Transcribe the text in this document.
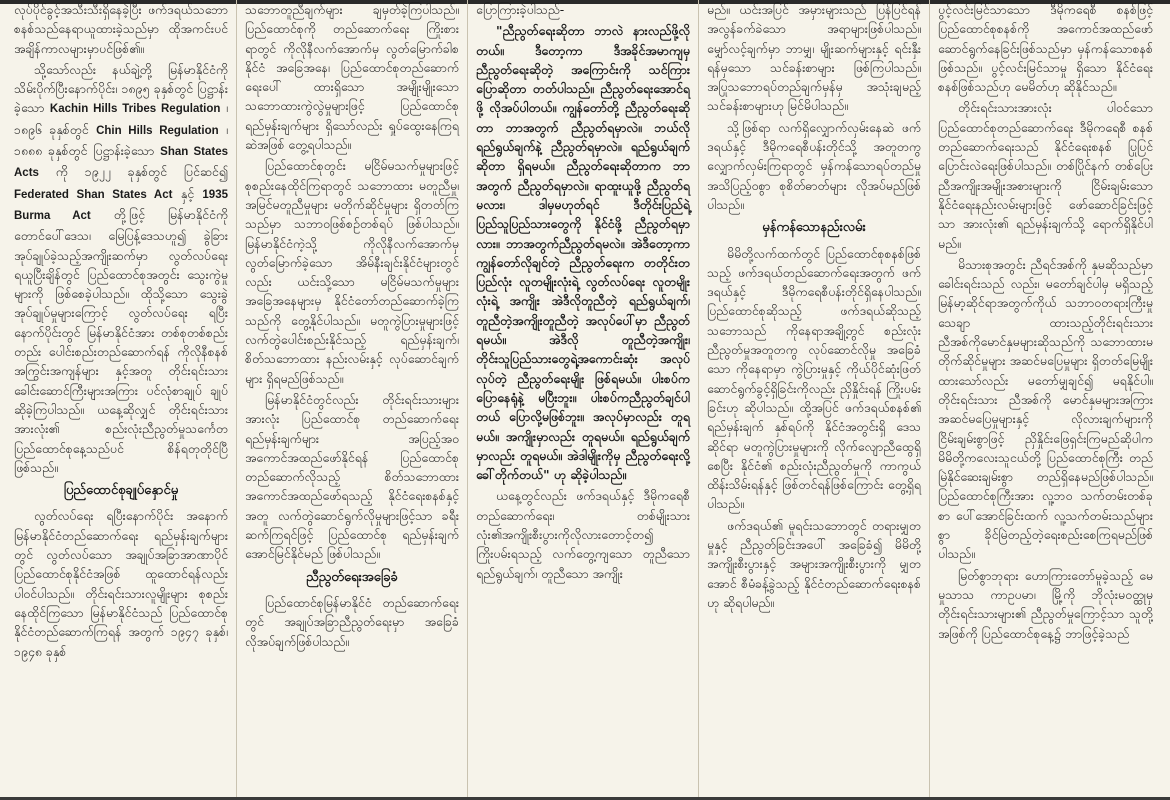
လုပ်ပိုင်ခွင့်အသီးသီးရှိနေခဲ့ပြီး ဖက်ဒရယ်သဘော စနစ်သည်နေရာယူထားခဲ့သည်မှာ ထိုအကင်းပင် အချိန်ကာလများမှာပင်ဖြစ်၏။

သို့သော်လည်း နယ်ချဲ့တို့ မြန်မာနိုင်ငံကို သိမ်းပိုက်ပြီးနောက်ပိုင်း၊ ၁၈၉၅ ခုနှစ်တွင် ပြဋ္ဌာန်းခဲ့သော Kachin Hills Tribes Regulation ၊ ၁၈၉၆ ခုနှစ်တွင် Chin Hills Regulation ၊ ၁၈၈၈ ခုနှစ်တွင် ပြဋ္ဌာန်းခဲ့သော Shan States Acts ကို ၁၉၂၂ ခုနှစ်တွင် ပြင်ဆင်၍ Federated Shan States Act နှင့် 1935 Burma Act တို့ဖြင့် မြန်မာနိုင်ငံကို တောင်ပေါ်ဒေသ၊ မြေပြန့်ဒေသဟူ၍ ခွဲခြားအုပ်ချုပ်ခဲ့သည့်အကျိုးဆက်မှာ လွတ်လပ်ရေး ရယူပြီးချိန်တွင် ပြည်ထောင်စုအတွင်း သွေးကွဲမှုများကို ဖြစ်စေခဲ့ပါသည်။ ထိုသို့သော သွေးခွဲ အုပ်ချုပ်မှုများကြောင့် လွတ်လပ်ရေး ရပြီးနောက်ပိုင်းတွင် မြန်မာနိုင်ငံအား တစ်စုတစ်စည်းတည်း ပေါင်းစည်းတည်ဆောက်ရန် ကိုလိုနီစနစ်အကြွင်းအကျန်များ နှင့်အတူ တိုင်းရင်းသားခေါင်းဆောင်ကြီးများအကြား ပင်လုံစာချုပ် ချုပ်ဆိုခဲ့ကြပါသည်။ ယနေ့ဆိုလျှင် တိုင်းရင်းသားအားလုံး၏ စည်းလုံးညီညွတ်မှုသင်္ကေတ ပြည်ထောင်စုနေ့သည်ပင် စိန်ရတုတိုင်ပြီ ဖြစ်သည်။

ပြည်ထောင်စုချုပ်နှောင်မှု

လွတ်လပ်ရေး ရပြီးနောက်ပိုင်း အနောက်မြန်မာနိုင်ငံတည်ဆောက်ရေး ရည်မှန်းချက်များတွင် လွတ်လပ်သော အချုပ်အခြာအာဏာပိုင် ပြည်ထောင်စုနိုင်ငံအဖြစ် ထူထောင်ရန်လည်း ပါဝင်ပါသည်။ တိုင်းရင်းသားလူမျိုးများ စုစည်းနေထိုင်ကြသော မြန်မာနိုင်ငံသည် ပြည်ထောင်စုနိုင်ငံတည်ဆောက်ကြရန် အတွက် ၁၉၄၇ ခုနှစ်၊ ၁၉၄၈ ခုနှစ်

သဘောတူညီချက်များ ချမှတ်ခဲ့ကြပါသည်။ ပြည်ထောင်စုကို တည်ဆောက်ရေး ကြိုးစားရာတွင် ကိုလိုနီလက်အောက်မှ လွတ်မြောက်ခါစ နိုင်ငံ အခြေအနေ၊ ပြည်ထောင်စုတည်ဆောက်ရေးပေါ် ထားရှိသော အမျိုးမျိုးသော သဘောထားကွဲလွဲမှုများဖြင့် ပြည်ထောင်စုရည်မှန်းချက်များ ရှိသော်လည်း ရှုပ်ထွေးနေကြရဆဲအဖြစ် တွေ့ရပါသည်။

ပြည်ထောင်စုတွင်း မငြိမ်မသက်မှုများဖြင့် စုစည်းနေထိုင်ကြရာတွင် သဘောထား မတူညီမှု၊ အမြင်မတူညီမှုများ မတိုက်ဆိုင်မှုများ ရှိတတ်ကြသည်မှာ သဘာဝဖြစ်စဉ်တစ်ရပ် ဖြစ်ပါသည်။ မြန်မာနိုင်ငံကဲ့သို့ ကိုလိုနီလက်အောက်မှ လွတ်မြောက်ခဲ့သော အိမ်နီးချင်းနိုင်ငံများတွင်လည်း ယင်းသို့သော မငြိမ်မသက်မှုများအခြေအနေများမှ နိုင်ငံတော်တည်ဆောက်ခဲ့ကြသည်ကို တွေ့နိုင်ပါသည်။ မတူကွဲပြားမှုများဖြင့် လက်တွဲပေါင်းစည်းနိုင်သည့် ရည်မှန်းချက်၊ စိတ်သဘောထား နည်းလမ်းနှင့် လုပ်ဆောင်ချက်များ ရှိရမည်ဖြစ်သည်။

မြန်မာနိုင်ငံတွင်လည်း တိုင်းရင်းသားများအားလုံး ပြည်ထောင်စု တည်ဆောက်ရေး ရည်မှန်းချက်များ အပြည့်အဝ အကောင်အထည်ဖော်နိုင်ရန် ပြည်ထောင်စုတည်ဆောက်လိုသည့် စိတ်သဘောထားအကောင်အထည်ဖော်ရသည့် နိုင်ငံရေးစနစ်နှင့် အတူ လက်တွဲဆောင်ရွက်လိုမှုများဖြင့်သာ ခရီးဆက်ကြရင်ဖြင့် ပြည်ထောင်စု ရည်မှန်းချက်အောင်မြင်နိုင်မည် ဖြစ်ပါသည်။

ညီညွတ်ရေးအခြေခံ

ပြည်ထောင်စုမြန်မာနိုင်ငံ တည်ဆောက်ရေးတွင် အချုပ်အခြာညီညွတ်ရေးမှာ အခြေခံလိုအပ်ချက်ဖြစ်ပါသည်။

ပြောကြားခဲ့ပါသည်-

"ညီညွတ်ရေးဆိုတာ ဘာလဲ နားလည်ဖို့လိုတယ်။ ဒီတော့ကာ ဒီအခိုင်အမာကျမှ ညီညွတ်ရေးဆိုတဲ့ အကြောင်းကို သင်ကြားပြောဆိုတာ တတ်ပါသည်။ ညီညွတ်ရေးအောင်ရဖို့ လိုအပ်ပါတယ်။ ကျွန်တော်တို့ ညီညွတ်ရေးဆိုတာ ဘာအတွက် ညီညွတ်ရမှာလဲ။ ဘယ်လိုရည်ရွယ်ချက်နဲ့ ညီညွတ်ရမှာလဲ။ ရည်ရွယ်ချက်ဆိုတာ ရှိရမယ်။ ညီညွတ်ရေးဆိုတာက ဘာအတွက် ညီညွတ်ရမှာလဲ။ ရာထူးယူဖို့ ညီညွတ်ရမလား၊ ဒါမှမဟုတ်ရင် ဒီတိုင်းပြည်ရဲ့ ပြည်သူပြည်သားတွေကို နိုင်ငံဖို့ ညီညွတ်ရမှာလား။ ဘာအတွက်ညီညွတ်ရမလဲ။ အဲဒီတော့ကာ ကျွန်တော်လိုချင်တဲ့ ညီညွတ်ရေးက တတိုင်းတပြည်လုံး လူတမျိုးလုံးရဲ့ လွတ်လပ်ရေး လူတမျိုးလုံးရဲ့ အကျိုး အဲဒီလိုတူညီတဲ့ ရည်ရွယ်ချက်၊ တူညီတဲ့အကျိုးတူညီတဲ့ အလုပ်ပေါ်မှာ ညီညွတ်ရမယ်။ အဲဒီလို တူညီတဲ့အကျိုး၊ တိုင်းသူပြည်သားတွေရဲ့အကောင်းဆုံး အလုပ်လုပ်တဲ့ ညီညွတ်ရေးမျိုး ဖြစ်ရမယ်။ ပါးစပ်က ပြောနေရုံနဲ့ မပြီးဘူး။ ပါးစပ်ကညီညွတ်ချင်ပါတယ် ပြောလို့မဖြစ်ဘူး။ အလုပ်မှာလည်း တူရမယ်။ အကျိုးမှာလည်း တူရမယ်။ ရည်ရွယ်ချက်မှာလည်း တူရမယ်။ အဲဒါမျိုးကိုမှ ညီညွတ်ရေးလို့ခေါ်တိုက်တယ်" ဟု ဆိုခဲ့ပါသည်။

ယနေ့တွင်လည်း ဖက်ဒရယ်နှင့် ဒီမိုကရေစီတည်ဆောက်ရေး၊ တစ်မျိုးသားလုံး၏အကျိုးစီးပွားကိုလိုလားတောင့်တ၍ ကြိုးပမ်းရသည့် လက်တွေ့ကျသော တူညီသောရည်ရွယ်ချက်၊ တူညီသော အကျိုး

မည်။ ယင်းအပြင် အမှားများသည် ပြန်ပြင်ရန် အလွန်ခက်ခဲသော အရာများဖြစ်ပါသည်။ မျှော်လင့်ချက်မှာ ဘာမျှ၊ မျိုးဆက်များနှင့် ရင်းနှီးရန်မှသော သင်ခန်းစာများ ဖြစ်ကြပါသည်။ အပြုသဘောရပ်တည်ချက်မှန်မှ အသုံးချမည့် သင်ခန်းစာများဟု မြင်မိပါသည်။

သို့ဖြစ်ရာ လက်ရှိလျှောက်လှမ်းနေဆဲ ဖက်ဒရယ်နှင့် ဒီမိုကရေစီပန်းတိုင်သို့ အတူတကွ လျှောက်လှမ်းကြရာတွင် မှန်ကန်သောရပ်တည်မှုအသိပြည့်ဝစွာ စုစိတ်ဓာတ်များ လိုအပ်မည်ဖြစ်ပါသည်။

မှန်ကန်သောနည်းလမ်း

မိမိတို့လက်ထက်တွင် ပြည်ထောင်စုစနစ်ဖြစ်သည့် ဖက်ဒရယ်တည်ဆောက်ရေးအတွက် ဖက်ဒရယ်နှင့် ဒီမိုကရေစီပန်းတိုင်ရှိနေပါသည်။ ပြည်ထောင်စုဆိုသည့် ဖက်ဒရယ်ဆိုသည့်သဘောသည် ကိုနေရာအချို့တွင် စည်းလုံးညီညွတ်မှုအတူတကွ လုပ်ဆောင်လိုမှု အခြေခံသော ကိုနေရာမှာ ကွဲပြားမှုနှင့် ကိုယ်ပိုင်ဆုံးဖြတ်ဆောင်ရွက်ခွင့်ရှိခြင်းကိုလည်း ညှိနှိုင်းရန် ကြိုးပမ်းခြင်းဟု ဆိုပါသည်။ ထို့အပြင် ဖက်ဒရယ်စနစ်၏ ရည်မှန်းချက် နှစ်ရပ်ကို နိုင်ငံအတွင်းရှိ ဒေသဆိုင်ရာ မတူကွဲပြားမှုများကို လိုက်လျောညီထွေရှိစေပြီး နိုင်ငံ၏ စည်းလုံးညီညွတ်မှုကို ကာကွယ်ထိန်းသိမ်းရန်နှင့် ဖြစ်တင်ရန်ဖြစ်ကြောင်း တွေ့ရှိရပါသည်။

ဖက်ဒရယ်၏ မူရင်းသဘောတွင် တရားမျှတမှုနှင့် ညီညွတ်ခြင်းအပေါ် အခြေခံ၍ မိမိတို့အကျိုးစီးပွားနှင့် အများအကျိုးစီးပွားကို မျှတအောင် စီမံခန့်ခွဲသည့် နိုင်ငံတည်ဆောက်ရေးစနစ်ဟု ဆိုရပါမည်။

ပွင့်လင်းမြင်သာသော ဒီမိုကရေစီ စနစ်ဖြင့် ပြည်ထောင်စုစနစ်ကို အကောင်အထည်ဖော်ဆောင်ရွက်နေခြင်းဖြစ်သည်မှာ မှန်ကန်သောစနစ်ဖြစ်သည်။ ပွင့်လင်းမြင်သာမှု ရှိသော နိုင်ငံရေးစနစ်ဖြစ်သည်ဟု မေမိတ်ဟု ဆိုနိုင်သည်။

တိုင်းရင်းသားအားလုံး ပါဝင်သော ပြည်ထောင်စုတည်ဆောက်ရေး ဒီမိုကရေစီ စနစ်တည်ဆောက်ရေးသည် နိုင်ငံရေးစနစ် ပြုပြင်ပြောင်းလဲရေးဖြစ်ပါသည်။ တစ်ပြိုင်နက် တစ်ပြေးညီအကျိုးအမျိုးအစားများကို ငြိမ်းချမ်းသောနိုင်ငံရေးနည်းလမ်းများဖြင့် ဖော်ဆောင်ခြင်းဖြင့်သာ အားလုံး၏ ရည်မှန်းချက်သို့ ရောက်ရှိနိုင်ပါမည်။

မိသားစုအတွင်း ညီရင်အစ်ကို နှမဆိုသည်မှာ ခေါင်းရင်းသည် လည်း၊ မတော်ချင်ပါမှ မရှိသည့် မြန်မာ့ဆိုင်ရာအတွက်ကိုယ် သဘာဝတရားကြီးမှုသေချာ ထားသည့်တိုင်းရင်းသားညီအစ်ကိုမောင်နှမများဆိုသည်ကို သဘောထားမတိုက်ဆိုင်မှုများ အဆင်မပြေမှုများ ရှိတတ်မြေမျိုးထားသော်လည်း မတော်မျှချင်၍ မရနိုင်ပါ။ တိုင်းရင်းသား ညီအစ်ကို မောင်နှမများအကြား အဆင်မပြေမှုများနှင့် လိုလားချက်များကို ငြိမ်းချမ်းစွာဖြင့် ညှိနှိုင်းဖြေရှင်းကြမည်ဆိုပါက မိမိတို့ကလေးသူငယ်တို့ ပြည်ထောင်စုကြီး တည်မြဲနိုင်ဆေးချမ်းစွာ တည်ရှိနေမည်ဖြစ်ပါသည်။ ပြည်ထောင်စုကြီးအား လူ့ဘဝ သက်တမ်းတစ်ခုစာ ပေါ်အောင်ခြင်းထက် လူ့သက်တမ်းသည်များစွာ ခိုင်မြဲတည့်တဲ့ရေးစည်းစေကြရမည်ဖြစ်ပါသည်။

မြတ်စွာဘုရား ဟောကြားတော်မူခဲ့သည့် မေမှုသာသ ကာဥပမာ၊ မြို့ကို ဘိုလုံးမဝတ္ထုမှ တိုင်းရင်းသားများ၏ ညီညွတ်မှုကြောင့်သာ သူတို့အဖြစ်ကို ပြည်ထောင်စုနေ့၌ ဘာဖြင့်ခဲ့သည်
